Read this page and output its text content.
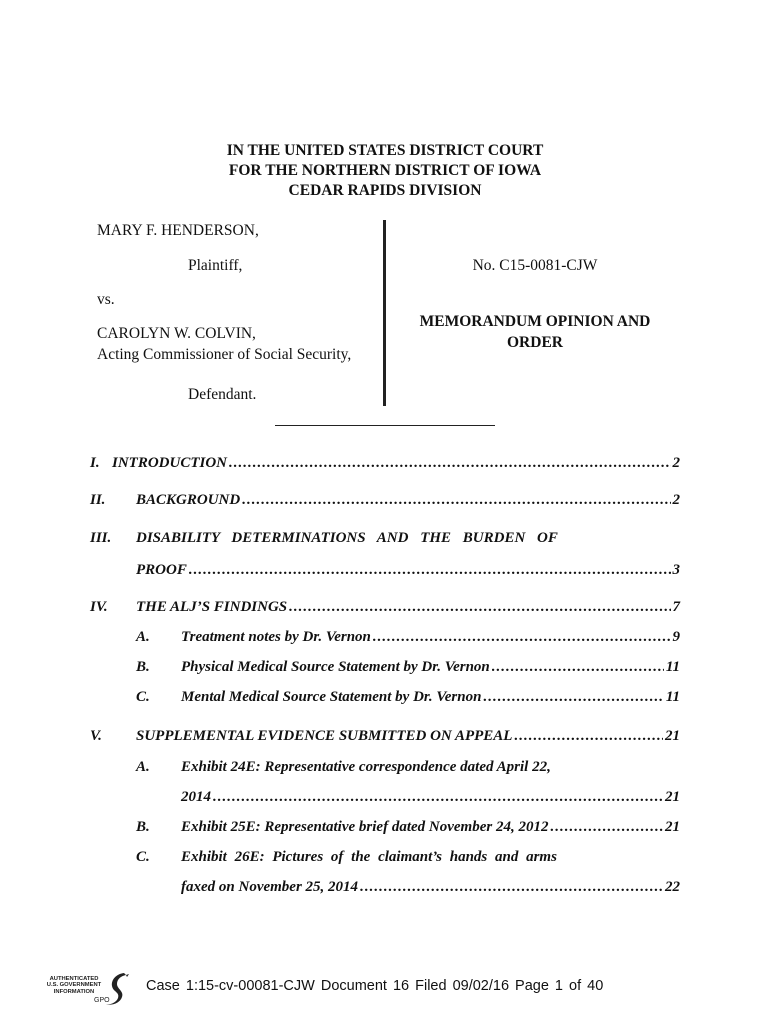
IN THE UNITED STATES DISTRICT COURT
FOR THE NORTHERN DISTRICT OF IOWA
CEDAR RAPIDS DIVISION
MARY F. HENDERSON,
Plaintiff,
vs.
CAROLYN W. COLVIN,
Acting Commissioner of Social Security,
Defendant.
No. C15-0081-CJW
MEMORANDUM OPINION AND
ORDER
I. INTRODUCTION .....	2
II.	BACKGROUND .....	2
III.	DISABILITY DETERMINATIONS AND THE BURDEN OF
PROOF .....	3
IV.	THE ALJ’S FINDINGS .....	7
A.	Treatment notes by Dr. Vernon .....	9
B.	Physical Medical Source Statement by Dr. Vernon .....	11
C.	Mental Medical Source Statement by Dr. Vernon .....	11
V.	SUPPLEMENTAL EVIDENCE SUBMITTED ON APPEAL .....	21
A.	Exhibit 24E: Representative correspondence dated April 22,
2014 .....	21
B.	Exhibit 25E: Representative brief dated November 24, 2012 .....	21
C.	Exhibit 26E: Pictures of the claimant’s hands and arms
faxed on November 25, 2014 .....	22
AUTHENTICATED
U.S. GOVERNMENT
INFORMATION
GPO
Case 1:15-cv-00081-CJW Document 16 Filed 09/02/16 Page 1 of 40
